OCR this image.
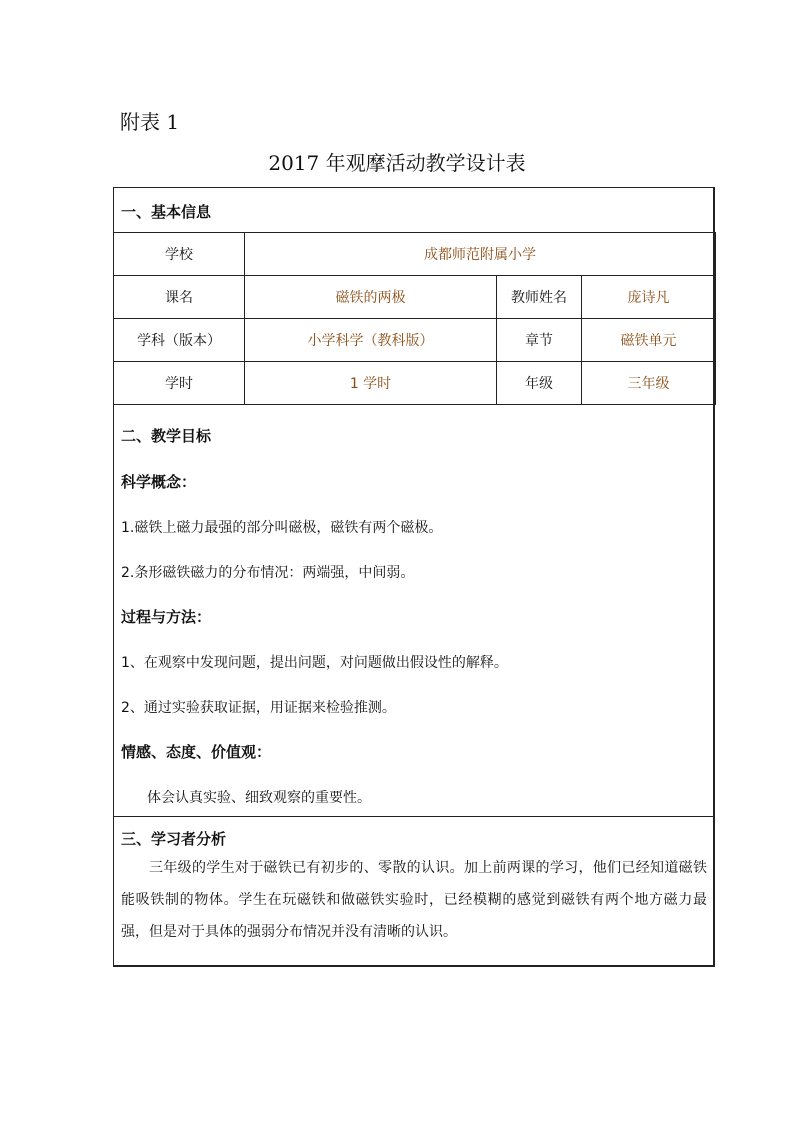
附表 1
2017 年观摩活动教学设计表
一、基本信息
学校	成都师范附属小学		
课名	磁铁的两极	教师姓名	庞诗凡
学科（版本）	小学科学（教科版）	章节	磁铁单元
学时	1 学时	年级	三年级
二、教学目标
科学概念：
1.磁铁上磁力最强的部分叫磁极，磁铁有两个磁极。
2.条形磁铁磁力的分布情况：两端强，中间弱。
过程与方法：
1、在观察中发现问题，提出问题，对问题做出假设性的解释。
2、通过实验获取证据，用证据来检验推测。
情感、态度、价值观：
体会认真实验、细致观察的重要性。
三、学习者分析
三年级的学生对于磁铁已有初步的、零散的认识。加上前两课的学习，他们已经知道磁铁能吸铁制的物体。学生在玩磁铁和做磁铁实验时，已经模糊的感觉到磁铁有两个地方磁力最强，但是对于具体的强弱分布情况并没有清晰的认识。
